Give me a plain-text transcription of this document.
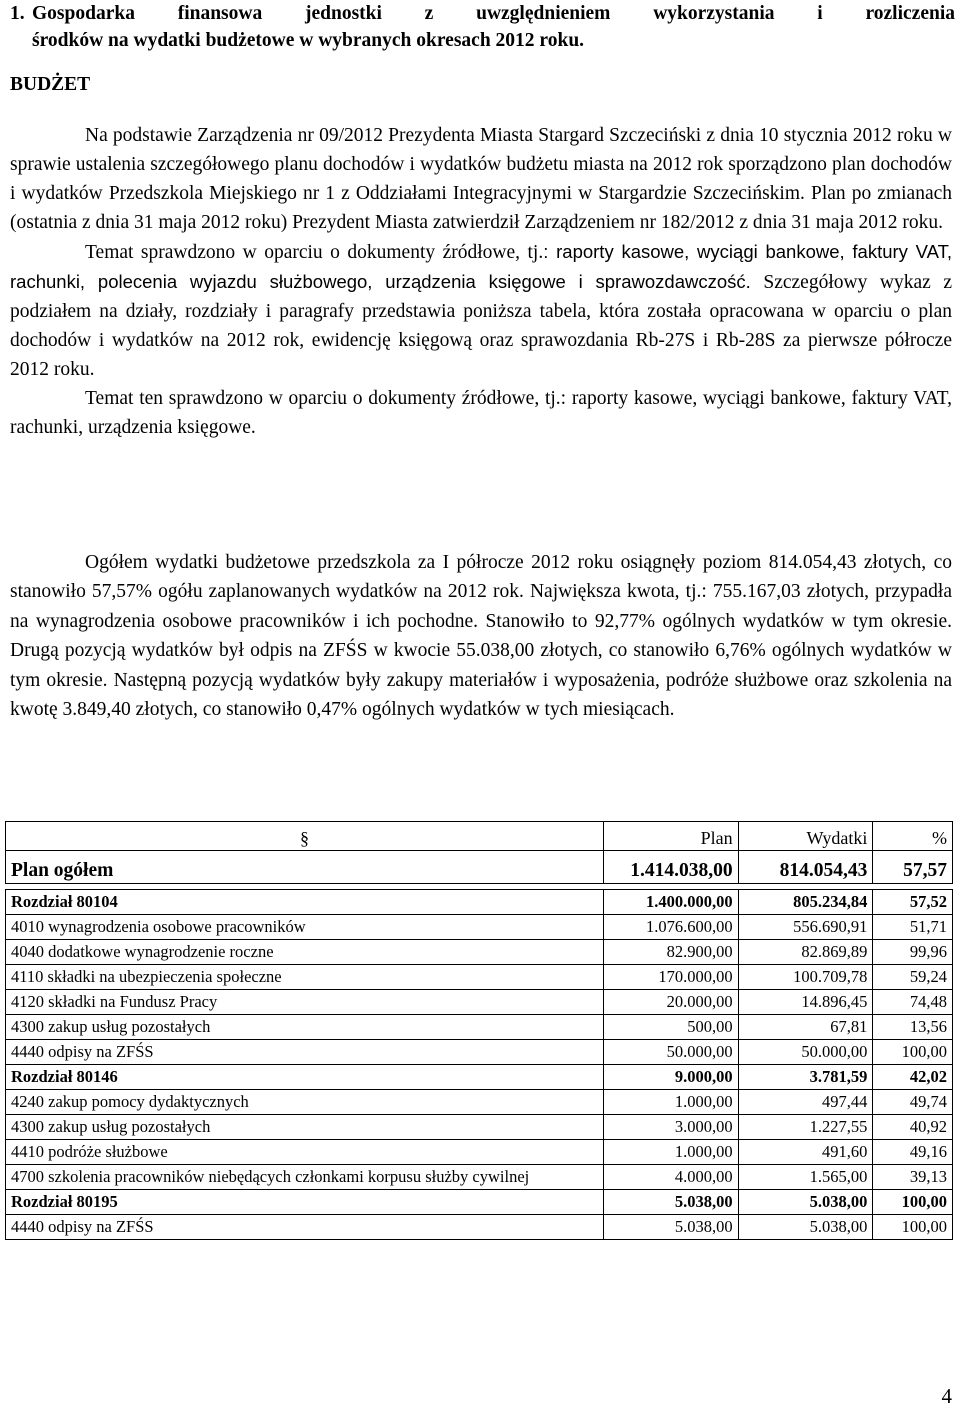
1. Gospodarka finansowa jednostki z uwzględnieniem wykorzystania i rozliczenia
środków na wydatki budżetowe w wybranych okresach 2012 roku.
BUDŻET

Na podstawie Zarządzenia nr 09/2012 Prezydenta Miasta Stargard Szczeciński z dnia 10 stycznia 2012 roku w sprawie ustalenia szczegółowego planu dochodów i wydatków budżetu miasta na 2012 rok sporządzono plan dochodów i wydatków Przedszkola Miejskiego nr 1 z Oddziałami Integracyjnymi w Stargardzie Szczecińskim. Plan po zmianach (ostatnia z dnia 31 maja 2012 roku) Prezydent Miasta zatwierdził Zarządzeniem nr 182/2012 z dnia 31 maja 2012 roku.

Temat sprawdzono w oparciu o dokumenty źródłowe, tj.: raporty kasowe, wyciągi bankowe, faktury VAT, rachunki, polecenia wyjazdu służbowego, urządzenia księgowe i sprawozdawczość. Szczegółowy wykaz z podziałem na działy, rozdziały i paragrafy przedstawia poniższa tabela, która została opracowana w oparciu o plan dochodów i wydatków na 2012 rok, ewidencję księgową oraz sprawozdania Rb-27S i Rb-28S za pierwsze półrocze 2012 roku.

Temat ten sprawdzono w oparciu o dokumenty źródłowe, tj.: raporty kasowe, wyciągi bankowe, faktury VAT, rachunki, urządzenia księgowe.

Ogółem wydatki budżetowe przedszkola za I półrocze 2012 roku osiągnęły poziom 814.054,43 złotych, co stanowiło 57,57% ogółu zaplanowanych wydatków na 2012 rok. Największa kwota, tj.: 755.167,03 złotych, przypadła na wynagrodzenia osobowe pracowników i ich pochodne. Stanowiło to 92,77% ogólnych wydatków w tym okresie. Drugą pozycją wydatków był odpis na ZFŚS w kwocie 55.038,00 złotych, co stanowiło 6,76% ogólnych wydatków w tym okresie. Następną pozycją wydatków były zakupy materiałów i wyposażenia, podróże służbowe oraz szkolenia na kwotę 3.849,40 złotych, co stanowiło 0,47% ogólnych wydatków w tych miesiącach.

§	Plan	Wydatki	%
Plan ogółem	1.414.038,00	814.054,43	57,57

Rozdział 80104	1.400.000,00	805.234,84	57,52
4010 wynagrodzenia osobowe pracowników	1.076.600,00	556.690,91	51,71
4040 dodatkowe wynagrodzenie roczne	82.900,00	82.869,89	99,96
4110 składki na ubezpieczenia społeczne	170.000,00	100.709,78	59,24
4120 składki na Fundusz Pracy	20.000,00	14.896,45	74,48
4300 zakup usług pozostałych	500,00	67,81	13,56
4440 odpisy na ZFŚS	50.000,00	50.000,00	100,00
Rozdział 80146	9.000,00	3.781,59	42,02
4240 zakup pomocy dydaktycznych	1.000,00	497,44	49,74
4300 zakup usług pozostałych	3.000,00	1.227,55	40,92
4410 podróże służbowe	1.000,00	491,60	49,16
4700 szkolenia pracowników niebędących członkami korpusu służby cywilnej	4.000,00	1.565,00	39,13
Rozdział 80195	5.038,00	5.038,00	100,00
4440 odpisy na ZFŚS	5.038,00	5.038,00	100,00
4
